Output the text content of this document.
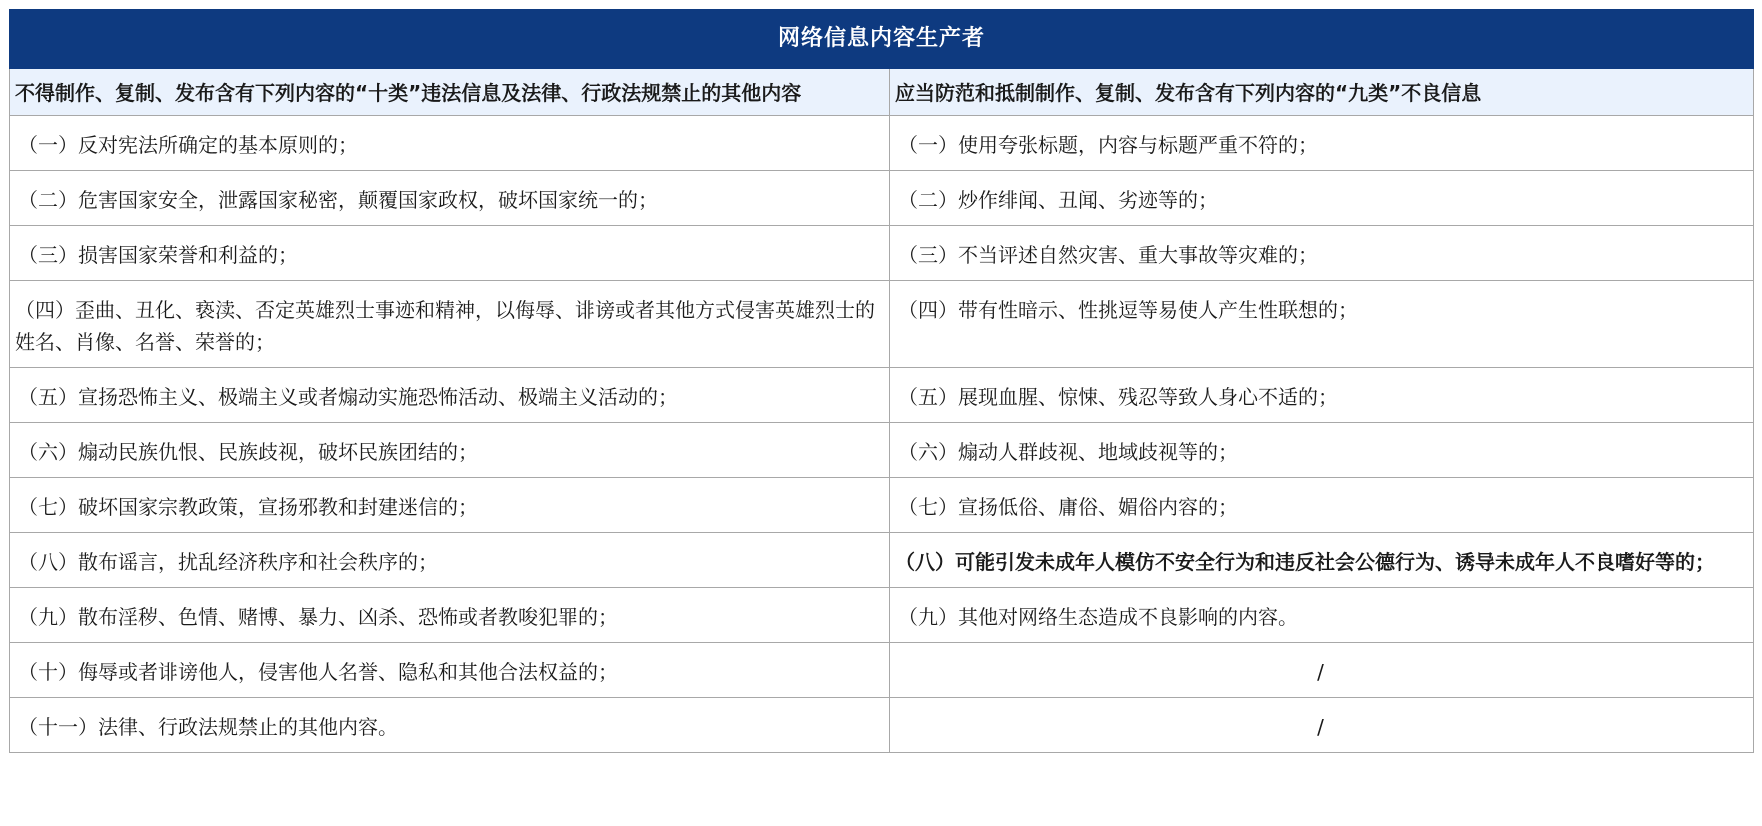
网络信息内容生产者	
不得制作、复制、发布含有下列内容的“十类”违法信息及法律、行政法规禁止的其他内容	应当防范和抵制制作、复制、发布含有下列内容的“九类”不良信息
（一）反对宪法所确定的基本原则的；	（一）使用夸张标题，内容与标题严重不符的；
（二）危害国家安全，泄露国家秘密，颠覆国家政权，破坏国家统一的；	（二）炒作绯闻、丑闻、劣迹等的；
（三）损害国家荣誉和利益的；	（三）不当评述自然灾害、重大事故等灾难的；
（四）歪曲、丑化、亵渎、否定英雄烈士事迹和精神，以侮辱、诽谤或者其他方式侵害英雄烈士的姓名、肖像、名誉、荣誉的；	（四）带有性暗示、性挑逗等易使人产生性联想的；
（五）宣扬恐怖主义、极端主义或者煽动实施恐怖活动、极端主义活动的；	（五）展现血腥、惊悚、残忍等致人身心不适的；
（六）煽动民族仇恨、民族歧视，破坏民族团结的；	（六）煽动人群歧视、地域歧视等的；
（七）破坏国家宗教政策，宣扬邪教和封建迷信的；	（七）宣扬低俗、庸俗、媚俗内容的；
（八）散布谣言，扰乱经济秩序和社会秩序的；	（八）可能引发未成年人模仿不安全行为和违反社会公德行为、诱导未成年人不良嗜好等的；
（九）散布淫秽、色情、赌博、暴力、凶杀、恐怖或者教唆犯罪的；	（九）其他对网络生态造成不良影响的内容。
（十）侮辱或者诽谤他人，侵害他人名誉、隐私和其他合法权益的；	/
（十一）法律、行政法规禁止的其他内容。	/
